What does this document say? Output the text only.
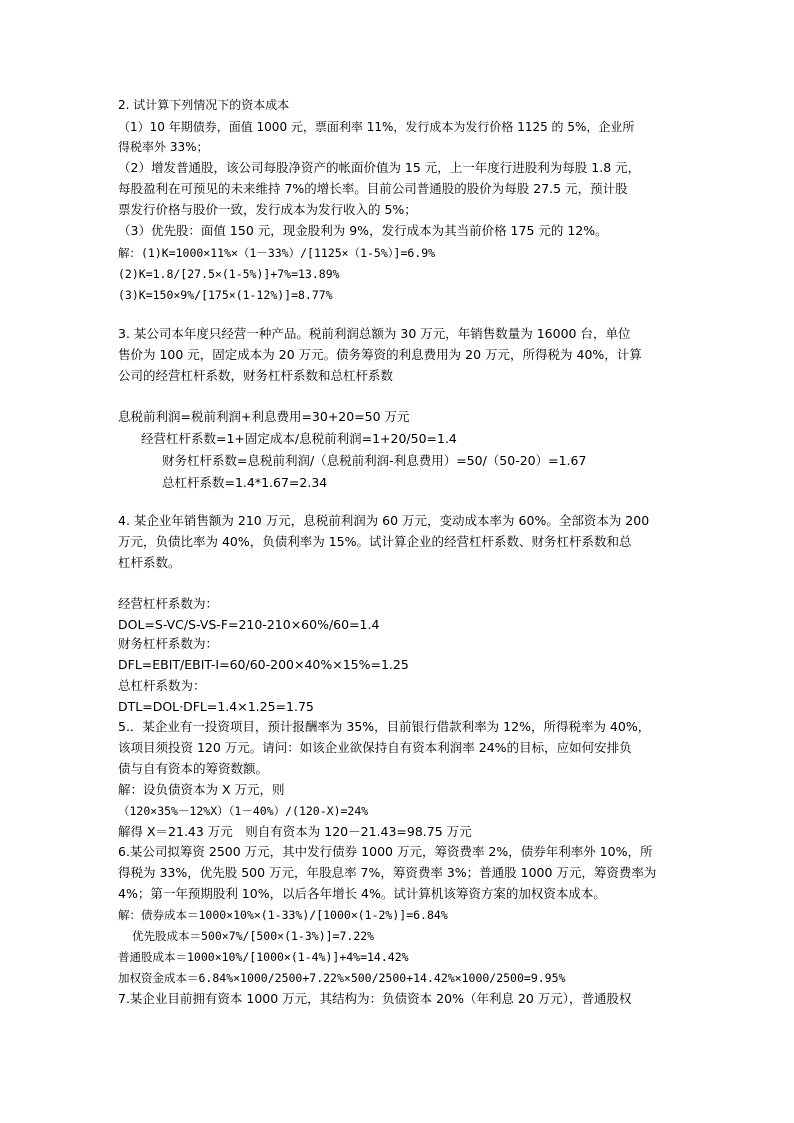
2. 试计算下列情况下的资本成本
（1）10 年期债券，面值 1000 元，票面利率 11%，发行成本为发行价格 1125 的 5%，企业所
得税率外 33%；
（2）增发普通股，该公司每股净资产的帐面价值为 15 元，上一年度行进股利为每股 1.8 元，
每股盈利在可预见的未来维持 7%的增长率。目前公司普通股的股价为每股 27.5 元，预计股
票发行价格与股价一致，发行成本为发行收入的 5%；
（3）优先股：面值 150 元，现金股利为 9%，发行成本为其当前价格 175 元的 12%。
解：(1)K=1000×11%×（1－33%）/[1125×（1-5%）]=6.9%
(2)K=1.8/[27.5×(1-5%)]+7%=13.89%
(3)K=150×9%/[175×(1-12%)]=8.77%
3. 某公司本年度只经营一种产品。税前利润总额为 30 万元，年销售数量为 16000 台，单位
售价为 100 元，固定成本为 20 万元。债务筹资的利息费用为 20 万元，所得税为 40%，计算
公司的经营杠杆系数，财务杠杆系数和总杠杆系数
息税前利润=税前利润+利息费用=30+20=50 万元
经营杠杆系数=1+固定成本/息税前利润=1+20/50=1.4
财务杠杆系数=息税前利润/（息税前利润-利息费用）=50/（50-20）=1.67
总杠杆系数=1.4*1.67=2.34
4. 某企业年销售额为 210 万元，息税前利润为 60 万元，变动成本率为 60%。全部资本为 200
万元，负债比率为 40%，负债利率为 15%。试计算企业的经营杠杆系数、财务杠杆系数和总
杠杆系数。
经营杠杆系数为：
DOL=S-VC/S-VS-F=210-210×60%/60=1.4
财务杠杆系数为：
DFL=EBIT/EBIT-I=60/60-200×40%×15%=1.25
总杠杆系数为：
DTL=DOL·DFL=1.4×1.25=1.75
5.．某企业有一投资项目，预计报酬率为 35%，目前银行借款利率为 12%，所得税率为 40%，
该项目须投资 120 万元。请问：如该企业欲保持自有资本利润率 24%的目标，应如何安排负
债与自有资本的筹资数额。
解：设负债资本为 X 万元，则
（120×35%－12%X）（1－40%）/(120-X)=24%
解得 X＝21.43 万元　则自有资本为 120－21.43=98.75 万元
6.某公司拟筹资 2500 万元，其中发行债券 1000 万元，筹资费率 2%，债券年利率外 10%，所
得税为 33%，优先股 500 万元，年股息率 7%，筹资费率 3%；普通股 1000 万元，筹资费率为
4%；第一年预期股利 10%，以后各年增长 4%。试计算机该筹资方案的加权资本成本。
解：债券成本＝1000×10%×(1-33%)/[1000×(1-2%)]=6.84%
优先股成本＝500×7%/[500×(1-3%)]=7.22%
普通股成本＝1000×10%/[1000×(1-4%)]+4%=14.42%
加权资金成本＝6.84%×1000/2500+7.22%×500/2500+14.42%×1000/2500=9.95%
7.某企业目前拥有资本 1000 万元，其结构为：负债资本 20%（年利息 20 万元），普通股权
